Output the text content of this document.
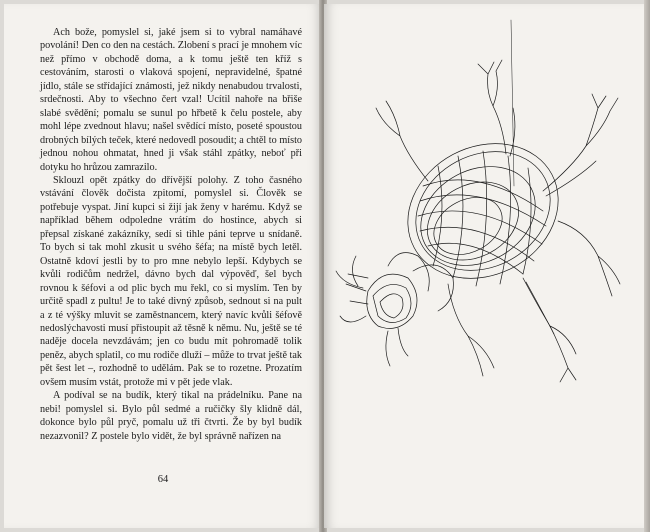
Ach bože, pomyslel si, jaké jsem si to vybral namáhavé povolání! Den co den na cestách. Zlobení s prací je mnohem víc než přímo v obchodě doma, a k tomu ještě ten kříž s cestováním, starosti o vlaková spojení, nepravidelné, špatné jídlo, stále se střídající známosti, jež nikdy nenabudou trvalosti, srdečnosti. Aby to všechno čert vzal! Ucítil nahoře na břiše slabé svědění; pomalu se sunul po hřbetě k čelu postele, aby mohl lépe zvednout hlavu; našel svědící místo, poseté spoustou drobných bílých teček, které nedovedl posoudit; a chtěl to místo jednou nohou ohmatat, hned ji však stáhl zpátky, neboť při dotyku ho hrůzou zamrazilo.

Sklouzl opět zpátky do dřívější polohy. Z toho časného vstávání člověk dočista zpitomí, pomyslel si. Člověk se potřebuje vyspat. Jiní kupci si žijí jak ženy v harému. Když se například během odpoledne vrátím do hostince, abych si přepsal získané zakázníky, sedí si tihle páni teprve u snídaně. To bych si tak mohl zkusit u svého šéfa; na místě bych letěl. Ostatně kdoví jestli by to pro mne nebylo lepší. Kdybych se kvůli rodičům nedržel, dávno bych dal výpověď, šel bych rovnou k šéfovi a od plic bych mu řekl, co si myslím. Ten by určitě spadl z pultu! Je to také divný způsob, sednout si na pult a z té výšky mluvit se zaměstnancem, který navíc kvůli šéfově nedoslýchavosti musí přistoupit až těsně k němu. Nu, ještě se té naděje docela nevzdávám; jen co budu mít pohromadě tolik peněz, abych splatil, co mu rodiče dluží – může to trvat ještě tak pět šest let –, rozhodně to udělám. Pak se to rozetne. Prozatím ovšem musím vstát, protože mi v pět jede vlak.

A podíval se na budík, který tikal na prádelníku. Pane na nebi! pomyslel si. Bylo půl sedmé a ručičky šly klidně dál, dokonce bylo půl pryč, pomalu už tři čtvrti. Že by byl budík nezazvonil? Z postele bylo vidět, že byl správně nařízen na

64
